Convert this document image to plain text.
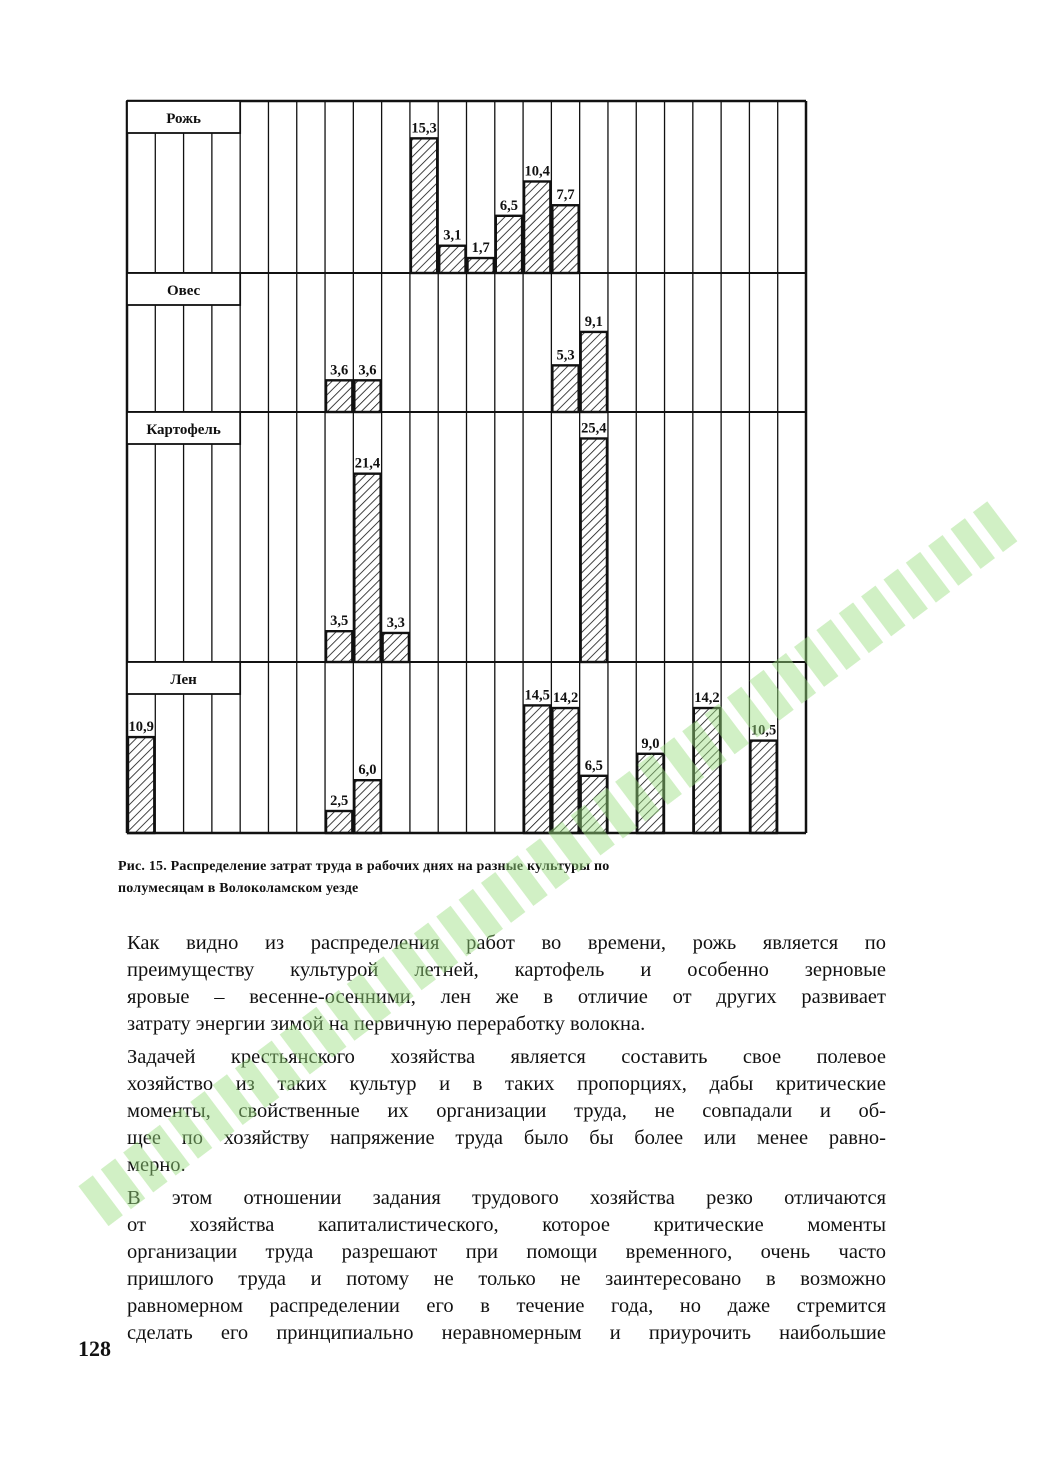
Рожь
Овес
Картофель
Лен
15,3
3,1
1,7
6,5
10,4
7,7
3,6 3,6
5,3
9,1
3,5
21,4
3,3
25,4
10,9
2,5
6,0
14,5 14,2
6,5
9,0
14,2
10,5
Рис. 15. Распределение затрат труда в рабочих днях на разные культуры по
полумесяцам в Волоколамском уезде
Как видно из распределения работ во времени, рожь является по
преимуществу культурой летней, картофель и особенно зерновые
яровые – весенне-осенними, лен же в отличие от других развивает
затрату энергии зимой на первичную переработку волокна.
Задачей крестьянского хозяйства является составить свое полевое
хозяйство из таких культур и в таких пропорциях, дабы критические
моменты, свойственные их организации труда, не совпадали и об-
щее по хозяйству напряжение труда было бы более или менее равно-
мерно.
В этом отношении задания трудового хозяйства резко отличаются
от хозяйства капиталистического, которое критические моменты
организации труда разрешают при помощи временного, очень часто
пришлого труда и потому не только не заинтересовано в возможно
равномерном распределении его в течение года, но даже стремится
сделать его принципиально неравномерным и приурочить наибольшие
128
